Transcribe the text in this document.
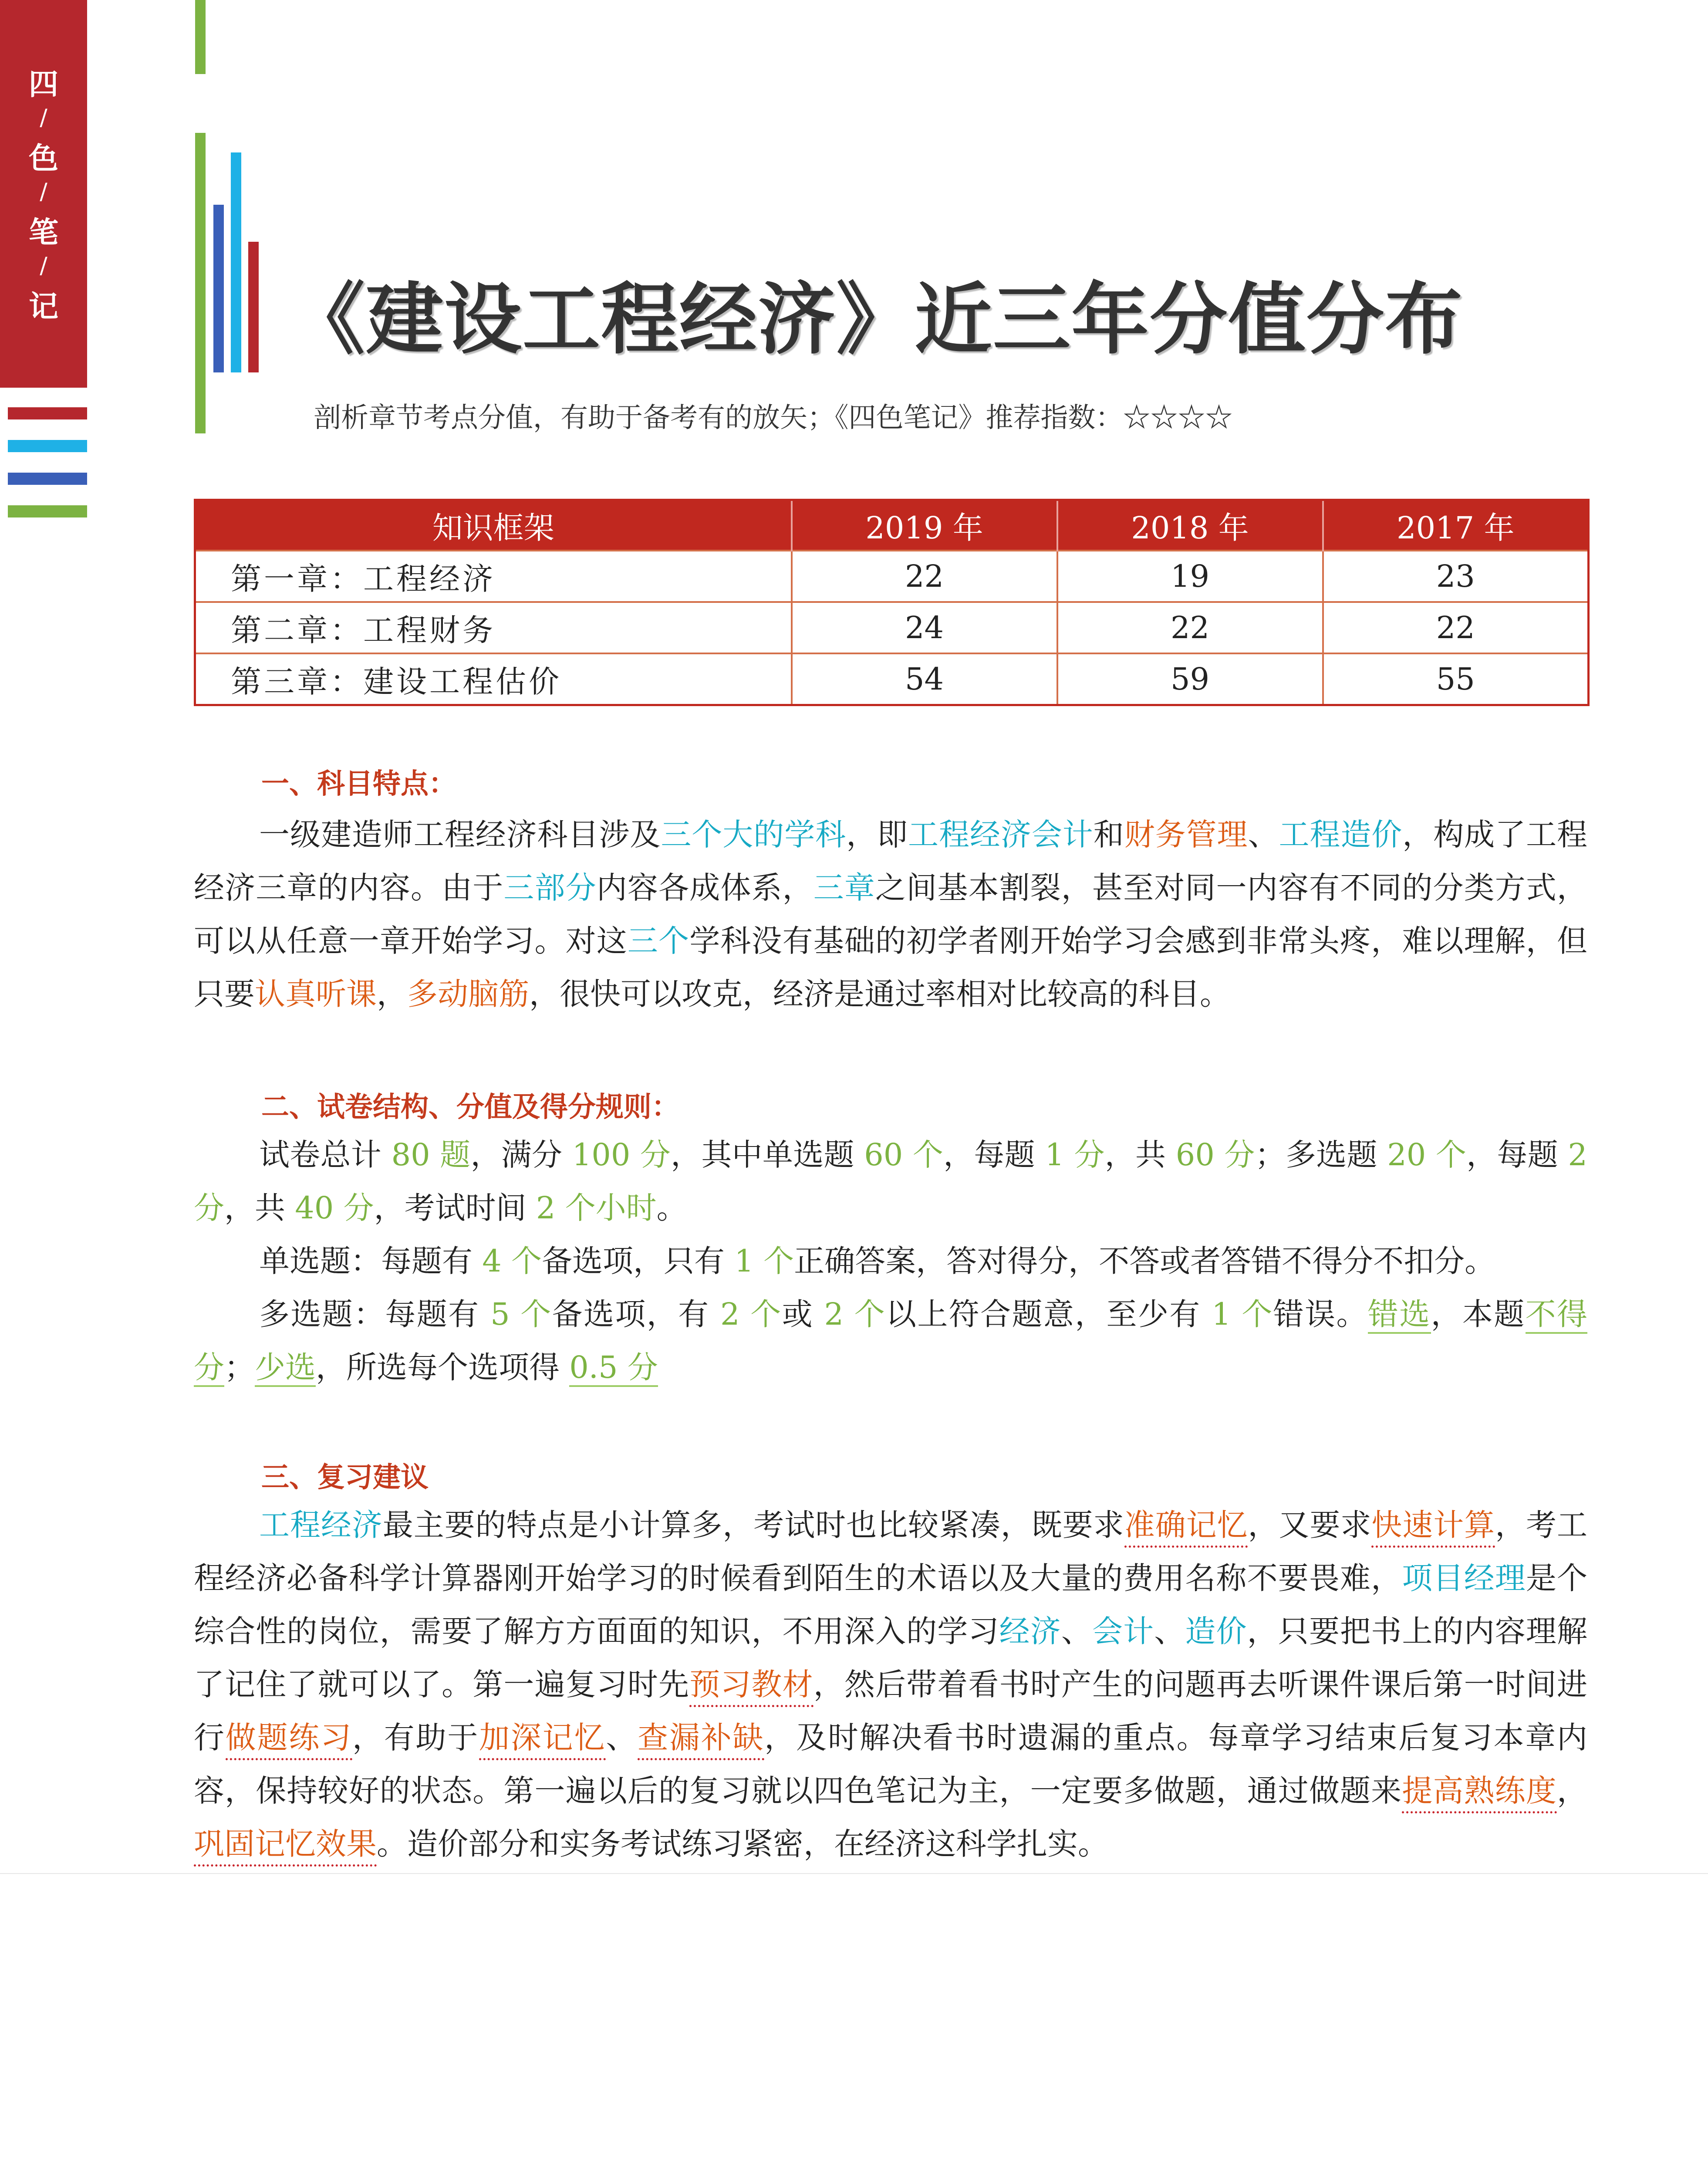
四
/
色
/
笔
/
记	《建设工程经济》近三年分值分布
剖析章节考点分值，有助于备考有的放矢；《四色笔记》推荐指数：☆☆☆☆
知识框架	2019 年	2018 年	2017 年
第一章：工程经济	22	19	23
第二章：工程财务	24	22	22
第三章：建设工程估价	54	59	55
一、科目特点：

一级建造师工程经济科目涉及三个大的学科，即工程经济会计和财务管理、工程造价，构成了工程经济三章的内容。由于三部分内容各成体系，三章之间基本割裂，甚至对同一内容有不同的分类方式，可以从任意一章开始学习。对这三个学科没有基础的初学者刚开始学习会感到非常头疼，难以理解，但只要认真听课，多动脑筋，很快可以攻克，经济是通过率相对比较高的科目。

二、试卷结构、分值及得分规则：

试卷总计 80 题，满分 100 分，其中单选题 60 个，每题 1 分，共 60 分；多选题 20 个，每题 2 分，共 40 分，考试时间 2 个小时。

单选题：每题有 4 个备选项，只有 1 个正确答案，答对得分，不答或者答错不得分不扣分。

多选题：每题有 5 个备选项，有 2 个或 2 个以上符合题意，至少有 1 个错误。错选，本题不得分；少选，所选每个选项得 0.5 分

三、复习建议

工程经济最主要的特点是小计算多，考试时也比较紧凑，既要求准确记忆，又要求快速计算，考工程经济必备科学计算器刚开始学习的时候看到陌生的术语以及大量的费用名称不要畏难，项目经理是个综合性的岗位，需要了解方方面面的知识，不用深入的学习经济、会计、造价，只要把书上的内容理解了记住了就可以了。第一遍复习时先预习教材，然后带着看书时产生的问题再去听课件课后第一时间进行做题练习，有助于加深记忆、查漏补缺，及时解决看书时遗漏的重点。每章学习结束后复习本章内容，保持较好的状态。第一遍以后的复习就以四色笔记为主，一定要多做题，通过做题来提高熟练度，巩固记忆效果。造价部分和实务考试练习紧密，在经济这科学扎实。
